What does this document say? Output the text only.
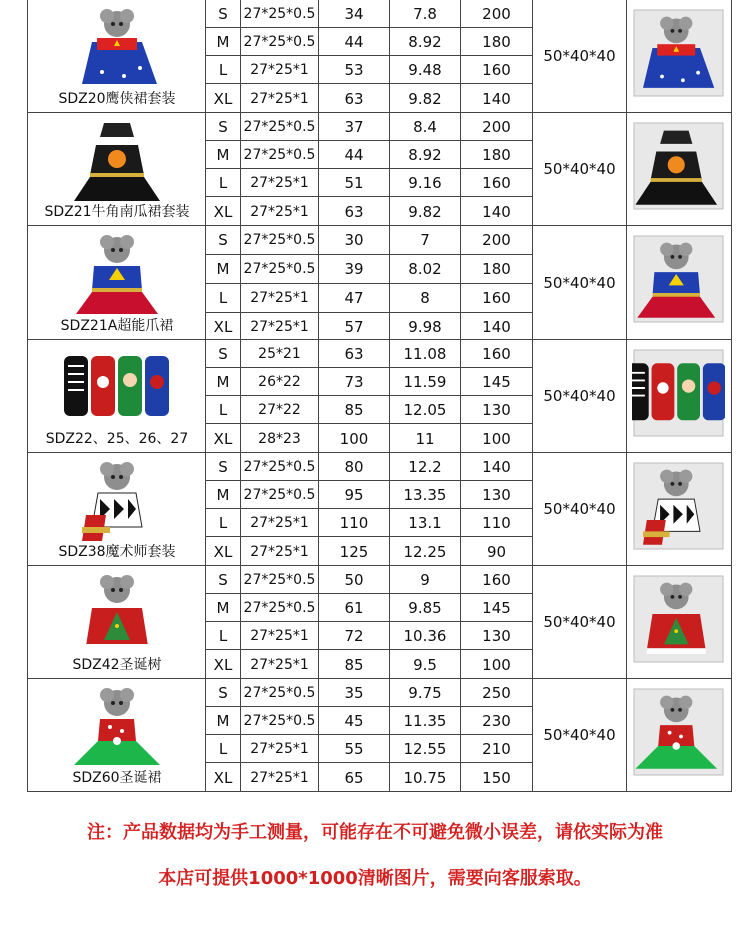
SDZ20鹰侠裙套装
S	27*25*0.5	34	7.8	200
M	27*25*0.5	44	8.92	180
L	27*25*1	53	9.48	160
XL	27*25*1	63	9.82	140
50*40*40
SDZ21牛角南瓜裙套装
S	27*25*0.5	37	8.4	200
M	27*25*0.5	44	8.92	180
L	27*25*1	51	9.16	160
XL	27*25*1	63	9.82	140
50*40*40
SDZ21A超能爪裙
S	27*25*0.5	30	7	200
M	27*25*0.5	39	8.02	180
L	27*25*1	47	8	160
XL	27*25*1	57	9.98	140
50*40*40
SDZ22、25、26、27
S	25*21	63	11.08	160
M	26*22	73	11.59	145
L	27*22	85	12.05	130
XL	28*23	100	11	100
50*40*40
SDZ38魔术师套装
S	27*25*0.5	80	12.2	140
M	27*25*0.5	95	13.35	130
L	27*25*1	110	13.1	110
XL	27*25*1	125	12.25	90
50*40*40
SDZ42圣诞树
S	27*25*0.5	50	9	160
M	27*25*0.5	61	9.85	145
L	27*25*1	72	10.36	130
XL	27*25*1	85	9.5	100
50*40*40
SDZ60圣诞裙
S	27*25*0.5	35	9.75	250
M	27*25*0.5	45	11.35	230
L	27*25*1	55	12.55	210
XL	27*25*1	65	10.75	150
50*40*40
注：产品数据均为手工测量，可能存在不可避免微小误差，请依实际为准
本店可提供1000*1000清晰图片，需要向客服索取。
